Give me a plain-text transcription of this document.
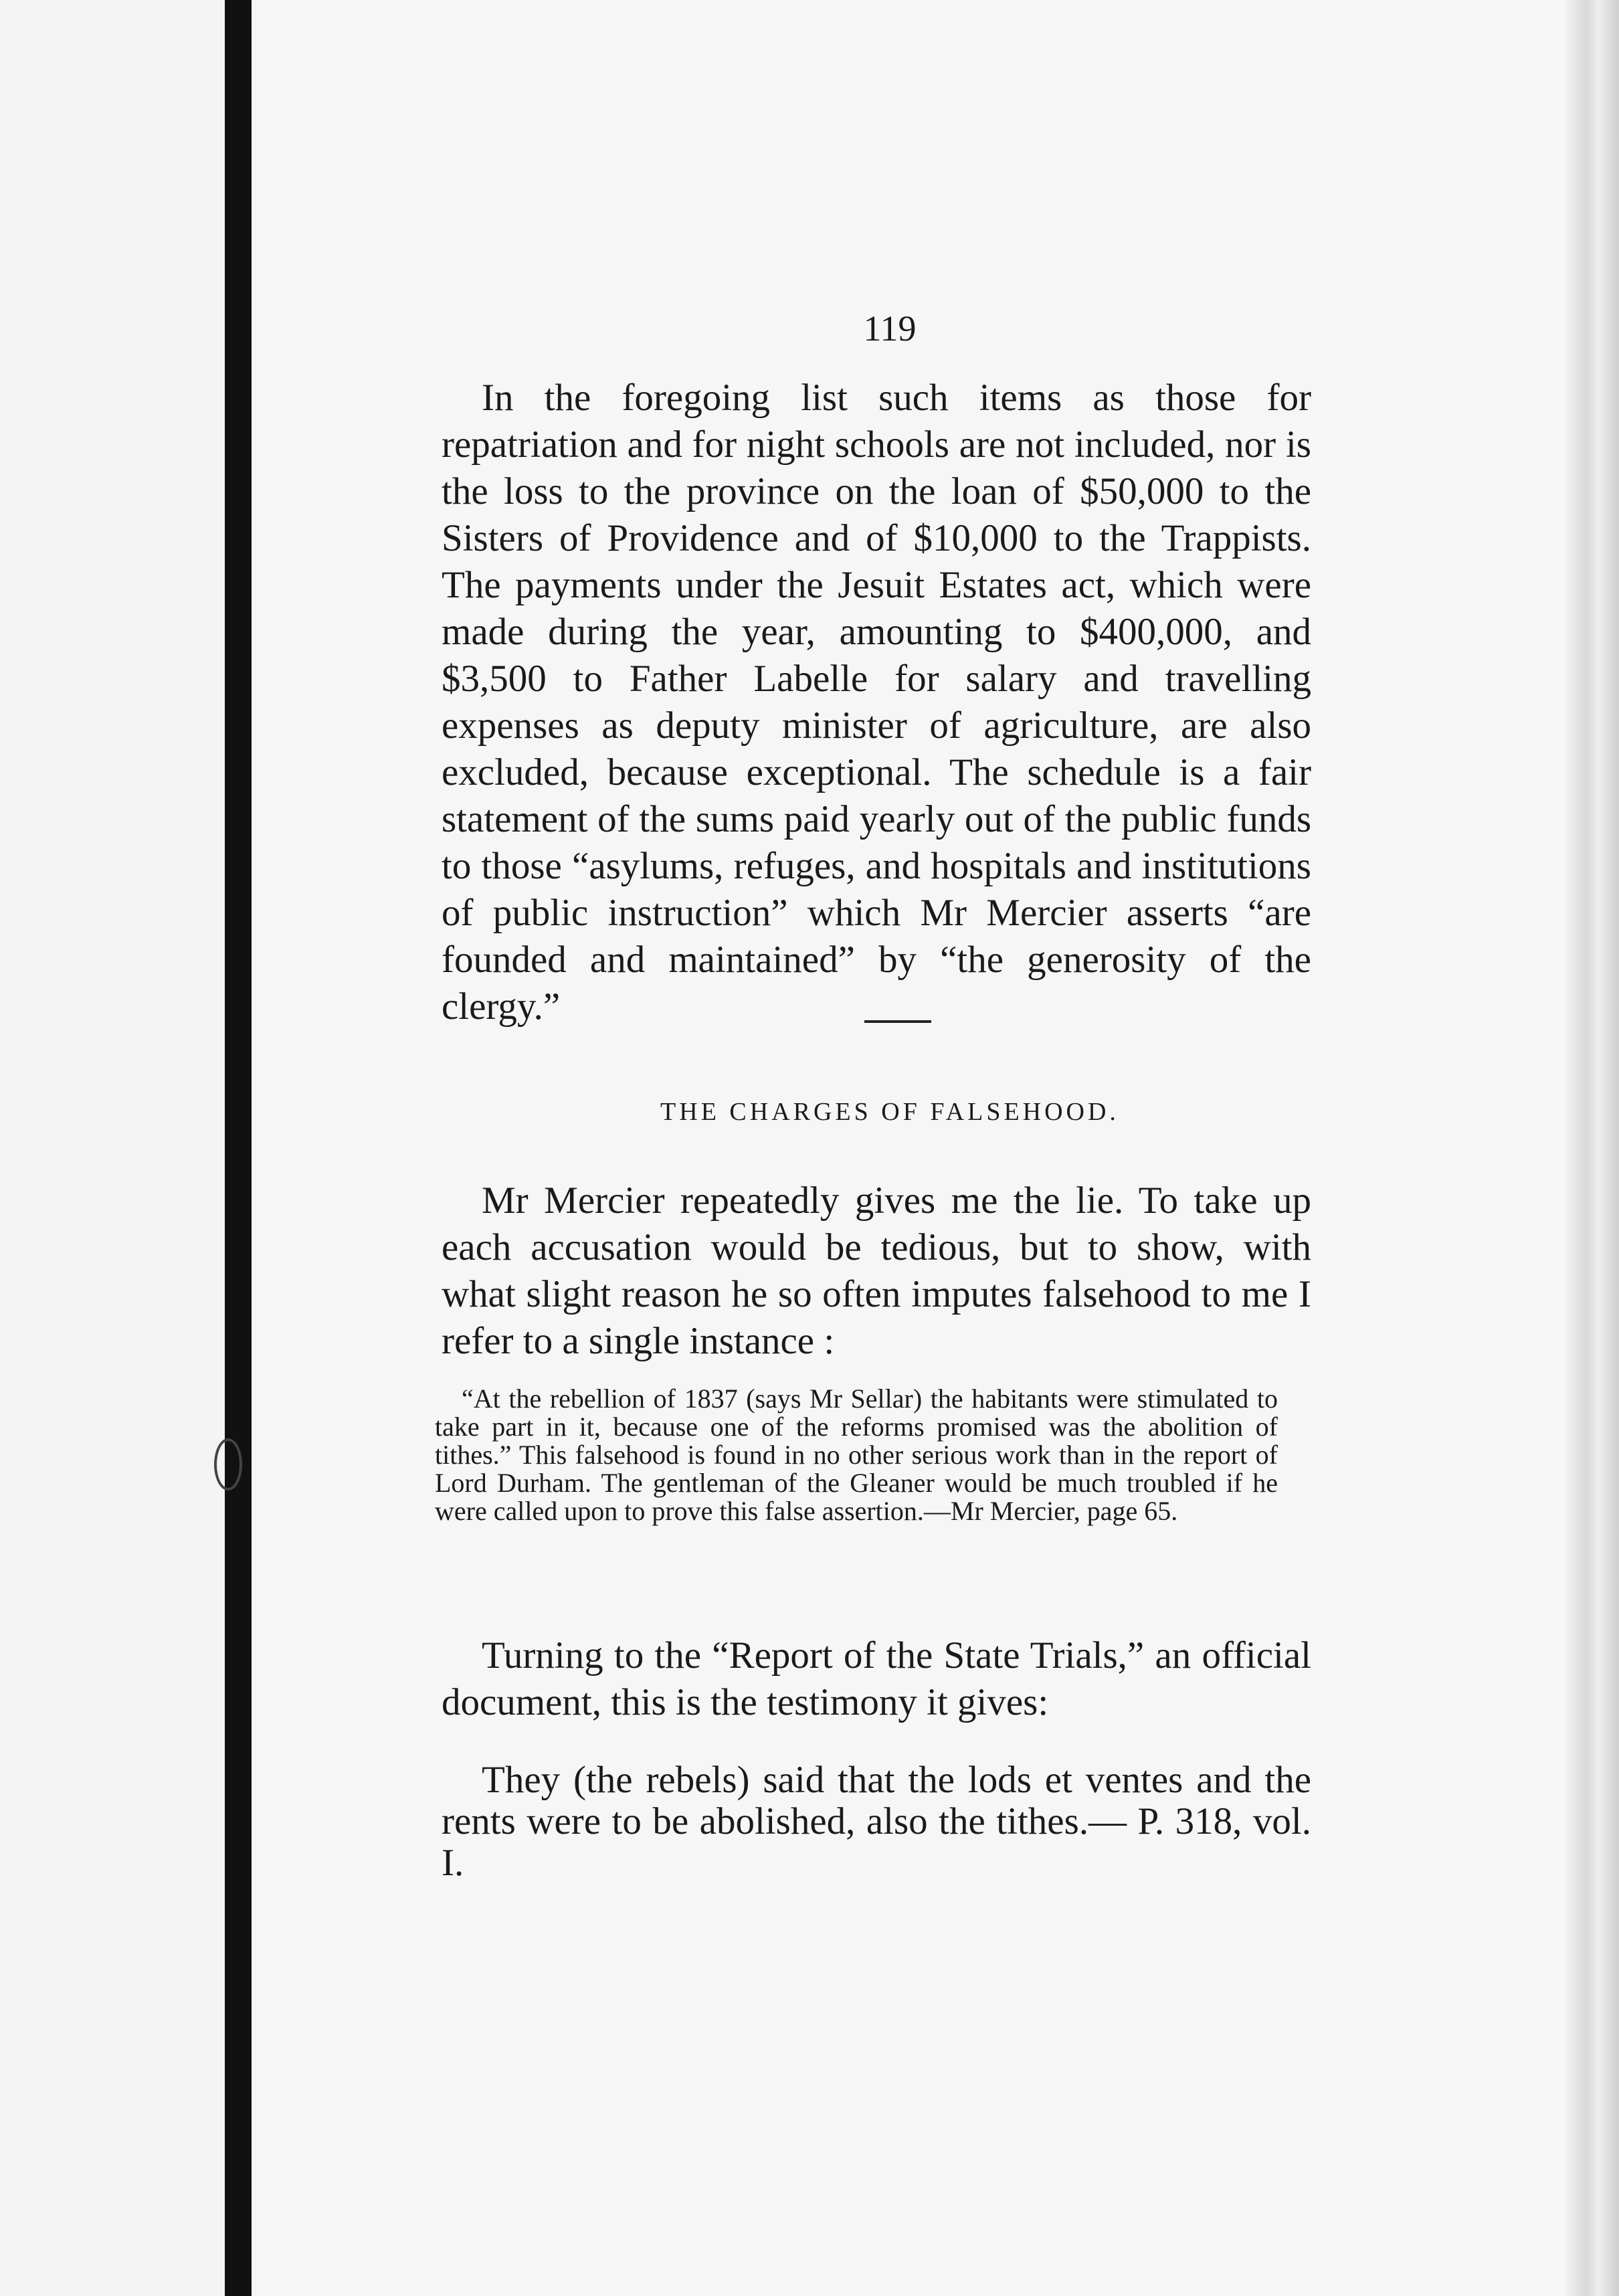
119

In the foregoing list such items as those for repatriation and for night schools are not included, nor is the loss to the province on the loan of $50,000 to the Sisters of Providence and of $10,000 to the Trappists. The payments under the Jesuit Estates act, which were made during the year, amounting to $400,000, and $3,500 to Father Labelle for salary and travelling expenses as deputy minister of agriculture, are also excluded, because exceptional. The schedule is a fair statement of the sums paid yearly out of the public funds to those “asylums, refuges, and hospitals and institutions of public instruction” which Mr Mercier asserts “are founded and maintained” by “the generosity of the clergy.”

THE CHARGES OF FALSEHOOD.

Mr Mercier repeatedly gives me the lie. To take up each accusation would be tedious, but to show, with what slight reason he so often imputes falsehood to me I refer to a single instance :

“At the rebellion of 1837 (says Mr Sellar) the habitants were stimulated to take part in it, because one of the reforms promised was the abolition of tithes.” This falsehood is found in no other serious work than in the report of Lord Durham. The gentleman of the Gleaner would be much troubled if he were called upon to prove this false assertion.—Mr Mercier, page 65.

Turning to the “Report of the State Trials,” an official document, this is the testimony it gives:

They (the rebels) said that the lods et ventes and the rents were to be abolished, also the tithes.— P. 318, vol. I.
